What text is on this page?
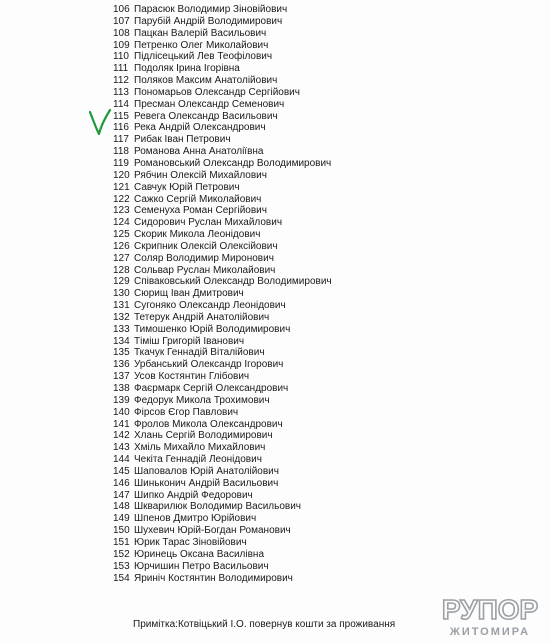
106 Парасюк Володимир Зіновійович
107 Парубій Андрій Володимирович
108 Пацкан Валерій Васильович
109 Петренко Олег Миколайович
110 Підлісецький Лев Теофілович
111 Подоляк Ірина Ігорівна
112 Поляков Максим Анатолійович
113 Пономарьов Олександр Сергійович
114 Пресман Олександр Семенович
115 Ревега Олександр Васильович
116 Река Андрій Олександрович
117 Рибак Іван Петрович
118 Романова Анна Анатоліївна
119 Романовський Олександр Володимирович
120 Рябчин Олексій Михайлович
121 Савчук Юрій Петрович
122 Сажко Сергій Миколайович
123 Семенуха Роман Сергійович
124 Сидорович Руслан Михайлович
125 Скорик Микола Леонідович
126 Скрипник Олексій Олексійович
127 Соляр Володимир Миронович
128 Сольвар Руслан Миколайович
129 Співаковський Олександр Володимирович
130 Сюрищ Іван Дмитрович
131 Сугоняко Олександр Леонідович
132 Тетерук Андрій Анатолійович
133 Тимошенко Юрій Володимирович
134 Тіміш Григорій Іванович
135 Ткачук Геннадій Віталійович
136 Урбанський Олександр Ігорович
137 Усов Костянтин Глібович
138 Фаєрмарк Сергій Олександрович
139 Федорук Микола Трохимович
140 Фірсов Єгор Павлович
141 Фролов Микола Олександрович
142 Хлань Сергій Володимирович
143 Хміль Михайло Михайлович
144 Чекіта Геннадій Леонідович
145 Шаповалов Юрій Анатолійович
146 Шиньконич Андрій Васильович
147 Шипко Андрій Федорович
148 Шкварилюк Володимир Васильович
149 Шпенов Дмитро Юрійович
150 Шухевич Юрій-Богдан Романович
151 Юрик Тарас Зіновійович
152 Юринець Оксана Василівна
153 Юрчишин Петро Васильович
154 Яриніч Костянтин Володимирович
Примітка:Котвіцький І.О. повернув кошти за проживання РУПОР
ЖИТОМИРА
